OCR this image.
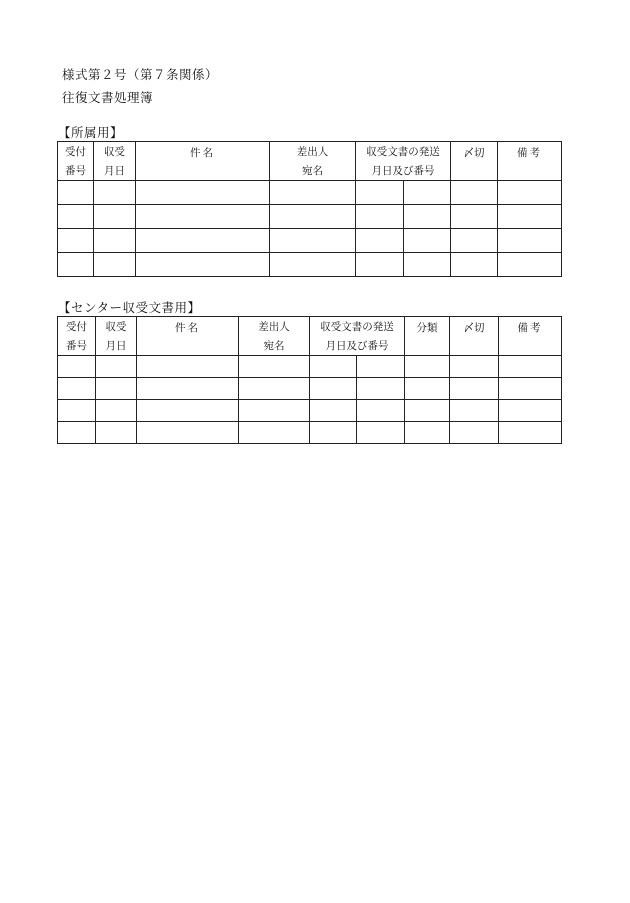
様式第２号（第７条関係）
往復文書処理簿
【所属用】
受付	収受	件名	差出人	収受文書の発送		〆切	備考
番号	月日		宛名	月日及び番号			

【センター収受文書用】
受付	収受	件名	差出人	収受文書の発送		分類	〆切	備考
番号	月日		宛名	月日及び番号				
